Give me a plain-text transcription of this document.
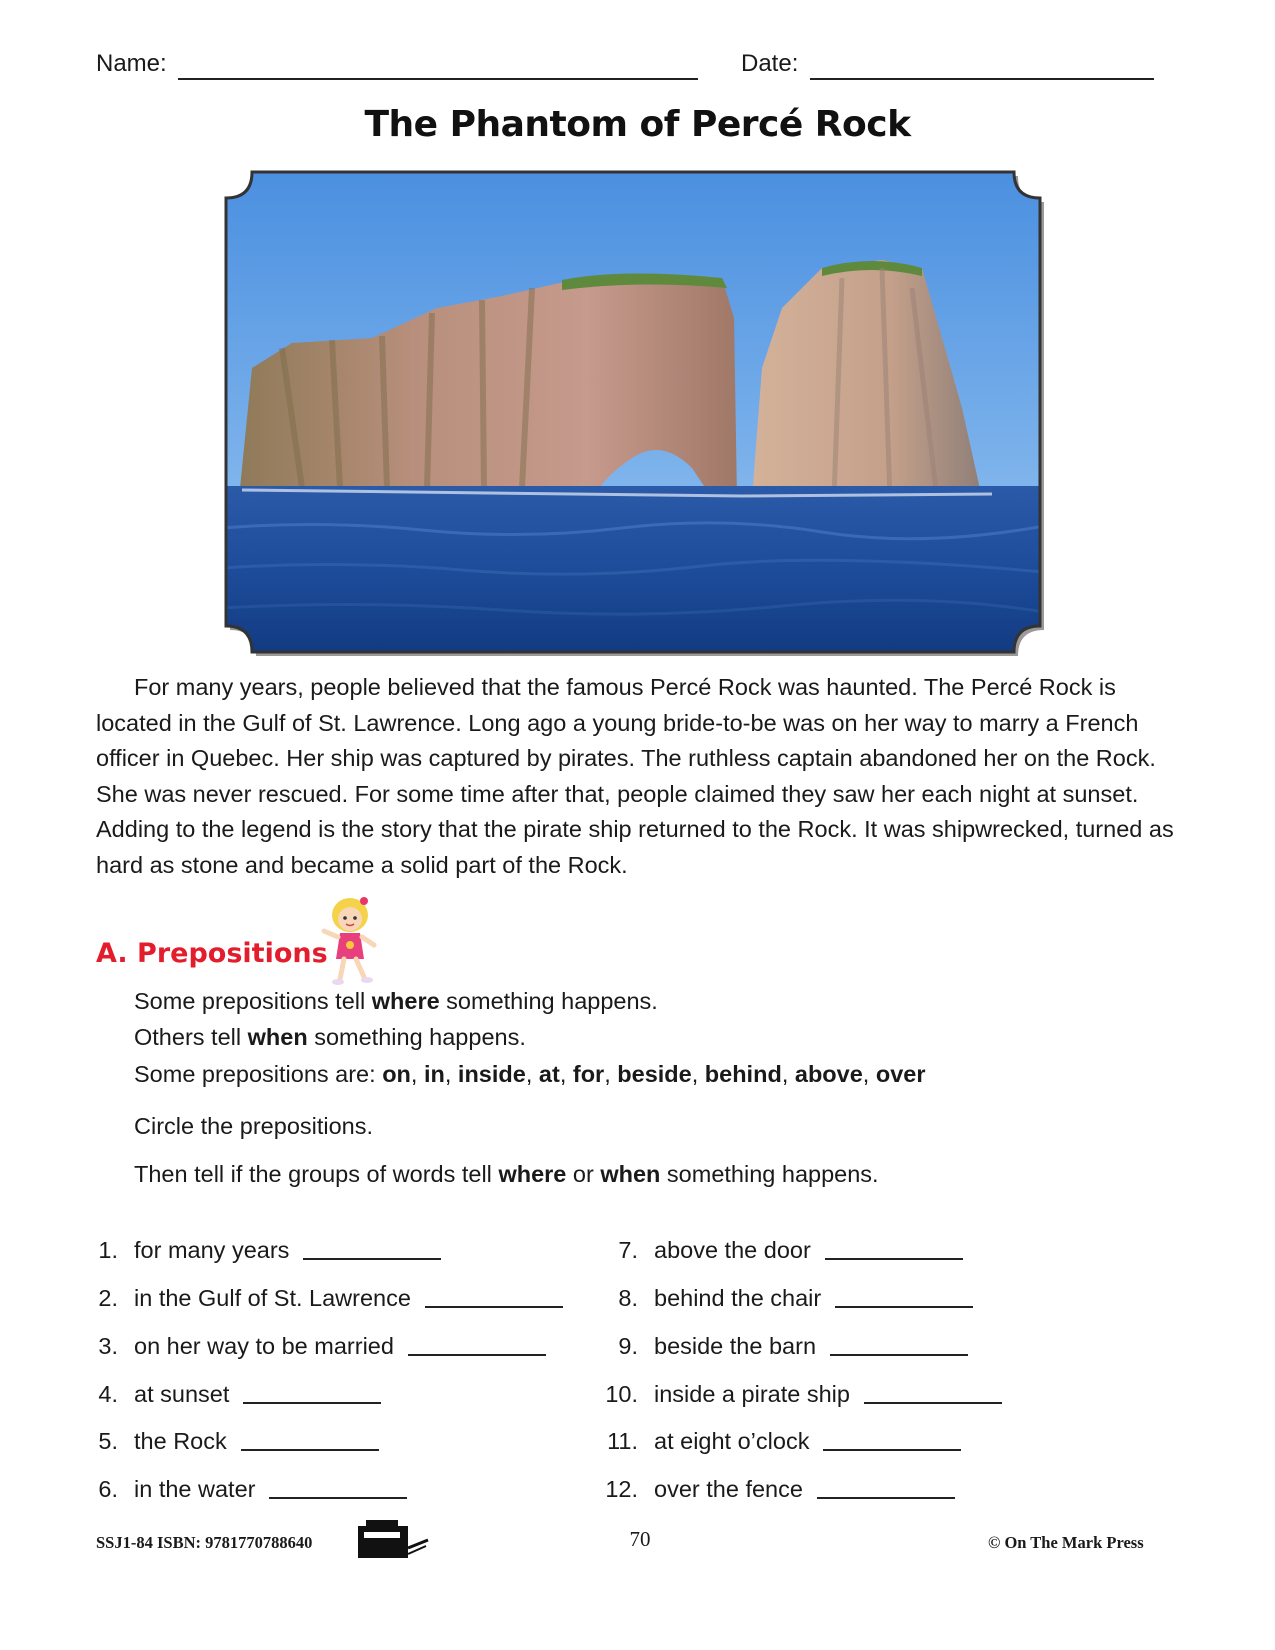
Name:	Date:
The Phantom of Percé Rock
For many years, people believed that the famous Percé Rock was haunted. The Percé Rock is located in the Gulf of St. Lawrence. Long ago a young bride-to-be was on her way to marry a French officer in Quebec. Her ship was captured by pirates. The ruthless captain abandoned her on the Rock. She was never rescued. For some time after that, people claimed they saw her each night at sunset. Adding to the legend is the story that the pirate ship returned to the Rock. It was shipwrecked, turned as hard as stone and became a solid part of the Rock.
A. Prepositions
Some prepositions tell where something happens.
Others tell when something happens.
Some prepositions are: on, in, inside, at, for, beside, behind, above, over
Circle the prepositions.
Then tell if the groups of words tell where or when something happens.
1. for many years
2. in the Gulf of St. Lawrence
3. on her way to be married
4. at sunset
5. the Rock
6. in the water
7. above the door
8. behind the chair
9. beside the barn
10. inside a pirate ship
11. at eight o’clock
12. over the fence
SSJ1-84 ISBN: 9781770788640	70	© On The Mark Press
